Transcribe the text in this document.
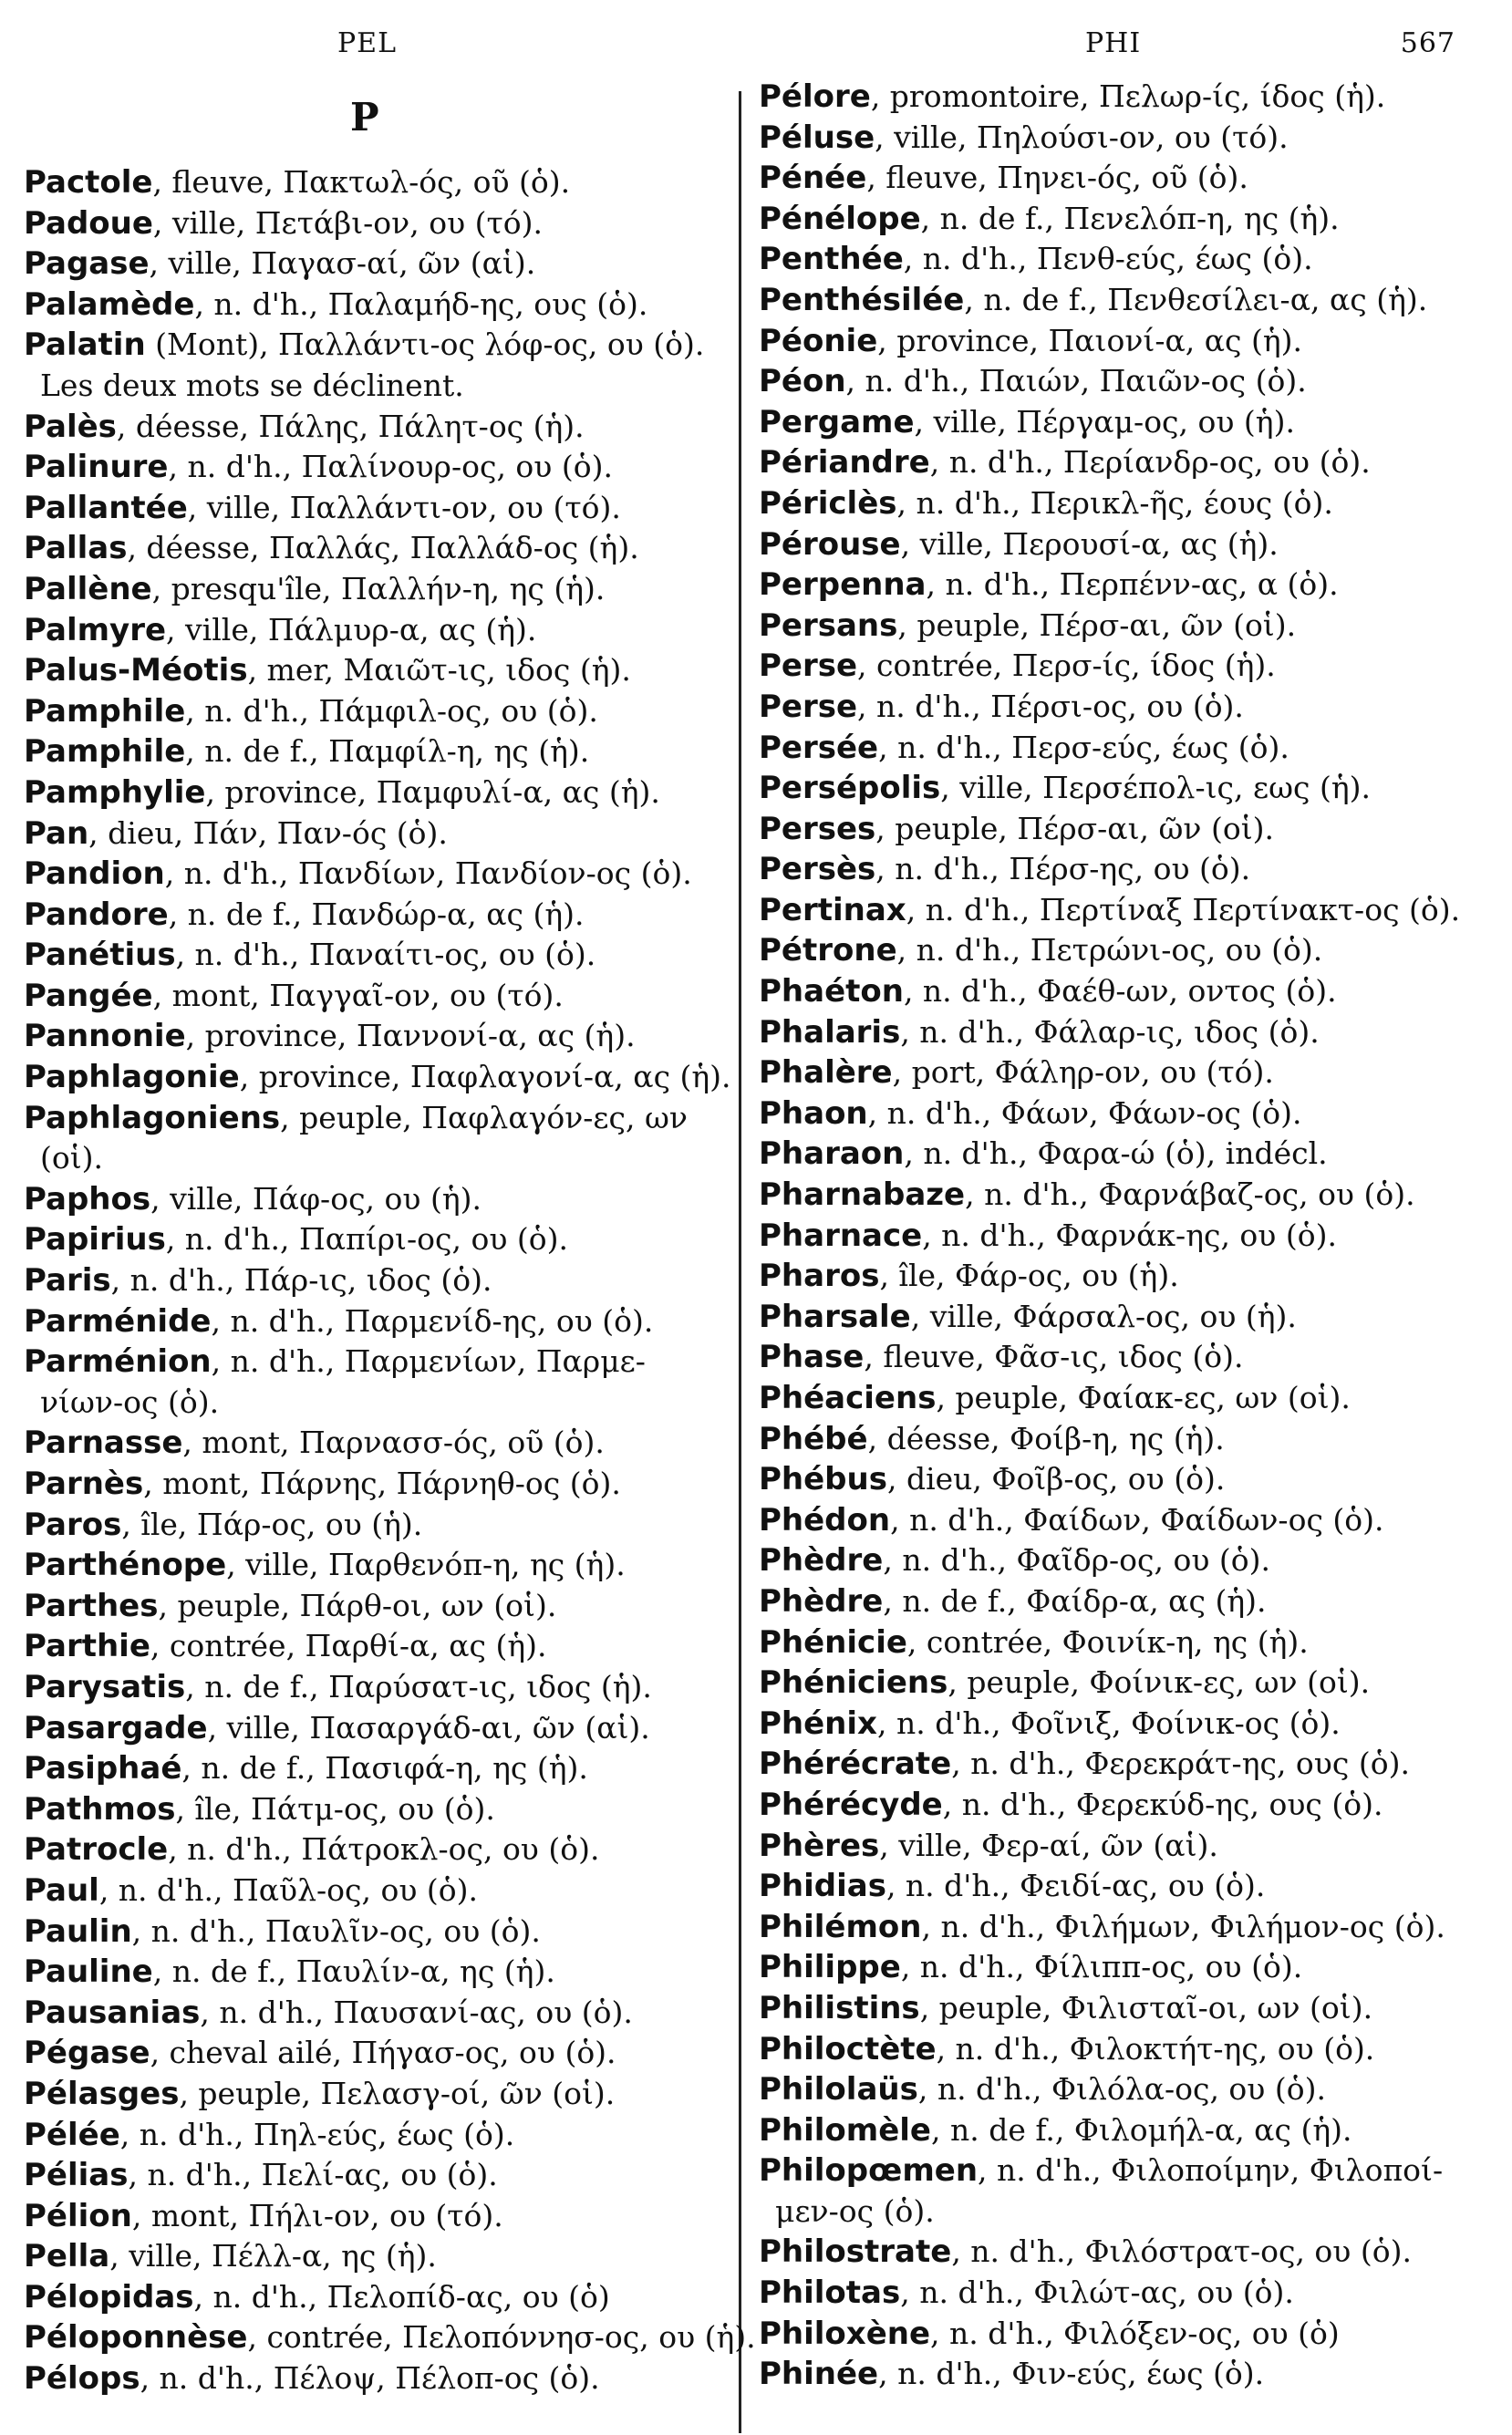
PEL	PHI	567
P
Pactole, fleuve, Πακτωλ-ός, οῦ (ὁ).
Padoue, ville, Πετάβι-ον, ου (τό).
Pagase, ville, Παγασ-αί, ῶν (αἱ).
Palamède, n. d'h., Παλαμήδ-ης, ους (ὁ).
Palatin (Mont), Παλλάντι-ος λόφ-ος, ου (ὁ).
Les deux mots se déclinent.
Palès, déesse, Πάλης, Πάλητ-ος (ἡ).
Palinure, n. d'h., Παλίνουρ-ος, ου (ὁ).
Pallantée, ville, Παλλάντι-ον, ου (τό).
Pallas, déesse, Παλλάς, Παλλάδ-ος (ἡ).
Pallène, presqu'île, Παλλήν-η, ης (ἡ).
Palmyre, ville, Πάλμυρ-α, ας (ἡ).
Palus-Méotis, mer, Μαιῶτ-ις, ιδος (ἡ).
Pamphile, n. d'h., Πάμφιλ-ος, ου (ὁ).
Pamphile, n. de f., Παμφίλ-η, ης (ἡ).
Pamphylie, province, Παμφυλί-α, ας (ἡ).
Pan, dieu, Πάν, Παν-ός (ὁ).
Pandion, n. d'h., Πανδίων, Πανδίον-ος (ὁ).
Pandore, n. de f., Πανδώρ-α, ας (ἡ).
Panétius, n. d'h., Παναίτι-ος, ου (ὁ).
Pangée, mont, Παγγαῖ-ον, ου (τό).
Pannonie, province, Παννονί-α, ας (ἡ).
Paphlagonie, province, Παφλαγονί-α, ας (ἡ).
Paphlagoniens, peuple, Παφλαγόν-ες, ων
(οἱ).
Paphos, ville, Πάφ-ος, ου (ἡ).
Papirius, n. d'h., Παπίρι-ος, ου (ὁ).
Paris, n. d'h., Πάρ-ις, ιδος (ὁ).
Parménide, n. d'h., Παρμενίδ-ης, ου (ὁ).
Parménion, n. d'h., Παρμενίων, Παρμε-
νίων-ος (ὁ).
Parnasse, mont, Παρνασσ-ός, οῦ (ὁ).
Parnès, mont, Πάρνης, Πάρνηθ-ος (ὁ).
Paros, île, Πάρ-ος, ου (ἡ).
Parthénope, ville, Παρθενόπ-η, ης (ἡ).
Parthes, peuple, Πάρθ-οι, ων (οἱ).
Parthie, contrée, Παρθί-α, ας (ἡ).
Parysatis, n. de f., Παρύσατ-ις, ιδος (ἡ).
Pasargade, ville, Πασαργάδ-αι, ῶν (αἱ).
Pasiphaé, n. de f., Πασιφά-η, ης (ἡ).
Pathmos, île, Πάτμ-ος, ου (ὁ).
Patrocle, n. d'h., Πάτροκλ-ος, ου (ὁ).
Paul, n. d'h., Παῦλ-ος, ου (ὁ).
Paulin, n. d'h., Παυλῖν-ος, ου (ὁ).
Pauline, n. de f., Παυλίν-α, ης (ἡ).
Pausanias, n. d'h., Παυσανί-ας, ου (ὁ).
Pégase, cheval ailé, Πήγασ-ος, ου (ὁ).
Pélasges, peuple, Πελασγ-οί, ῶν (οἱ).
Pélée, n. d'h., Πηλ-εύς, έως (ὁ).
Pélias, n. d'h., Πελί-ας, ου (ὁ).
Pélion, mont, Πήλι-ον, ου (τό).
Pella, ville, Πέλλ-α, ης (ἡ).
Pélopidas, n. d'h., Πελοπίδ-ας, ου (ὁ)
Péloponnèse, contrée, Πελοπόννησ-ος, ου (ἡ).
Pélops, n. d'h., Πέλοψ, Πέλοπ-ος (ὁ).
Pélore, promontoire, Πελωρ-ίς, ίδος (ἡ).
Péluse, ville, Πηλούσι-ον, ου (τό).
Pénée, fleuve, Πηνει-ός, οῦ (ὁ).
Pénélope, n. de f., Πενελόπ-η, ης (ἡ).
Penthée, n. d'h., Πενθ-εύς, έως (ὁ).
Penthésilée, n. de f., Πενθεσίλει-α, ας (ἡ).
Péonie, province, Παιονί-α, ας (ἡ).
Péon, n. d'h., Παιών, Παιῶν-ος (ὁ).
Pergame, ville, Πέργαμ-ος, ου (ἡ).
Périandre, n. d'h., Περίανδρ-ος, ου (ὁ).
Périclès, n. d'h., Περικλ-ῆς, έους (ὁ).
Pérouse, ville, Περουσί-α, ας (ἡ).
Perpenna, n. d'h., Περπένν-ας, α (ὁ).
Persans, peuple, Πέρσ-αι, ῶν (οἱ).
Perse, contrée, Περσ-ίς, ίδος (ἡ).
Perse, n. d'h., Πέρσι-ος, ου (ὁ).
Persée, n. d'h., Περσ-εύς, έως (ὁ).
Persépolis, ville, Περσέπολ-ις, εως (ἡ).
Perses, peuple, Πέρσ-αι, ῶν (οἱ).
Persès, n. d'h., Πέρσ-ης, ου (ὁ).
Pertinax, n. d'h., Περτίναξ Περτίνακτ-ος (ὁ).
Pétrone, n. d'h., Πετρώνι-ος, ου (ὁ).
Phaéton, n. d'h., Φαέθ-ων, οντος (ὁ).
Phalaris, n. d'h., Φάλαρ-ις, ιδος (ὁ).
Phalère, port, Φάληρ-ον, ου (τό).
Phaon, n. d'h., Φάων, Φάων-ος (ὁ).
Pharaon, n. d'h., Φαρα-ώ (ὁ), indécl.
Pharnabaze, n. d'h., Φαρνάβαζ-ος, ου (ὁ).
Pharnace, n. d'h., Φαρνάκ-ης, ου (ὁ).
Pharos, île, Φάρ-ος, ου (ἡ).
Pharsale, ville, Φάρσαλ-ος, ου (ἡ).
Phase, fleuve, Φᾶσ-ις, ιδος (ὁ).
Phéaciens, peuple, Φαίακ-ες, ων (οἱ).
Phébé, déesse, Φοίβ-η, ης (ἡ).
Phébus, dieu, Φοῖβ-ος, ου (ὁ).
Phédon, n. d'h., Φαίδων, Φαίδων-ος (ὁ).
Phèdre, n. d'h., Φαῖδρ-ος, ου (ὁ).
Phèdre, n. de f., Φαίδρ-α, ας (ἡ).
Phénicie, contrée, Φοινίκ-η, ης (ἡ).
Phéniciens, peuple, Φοίνικ-ες, ων (οἱ).
Phénix, n. d'h., Φοῖνιξ, Φοίνικ-ος (ὁ).
Phérécrate, n. d'h., Φερεκράτ-ης, ους (ὁ).
Phérécyde, n. d'h., Φερεκύδ-ης, ους (ὁ).
Phères, ville, Φερ-αί, ῶν (αἱ).
Phidias, n. d'h., Φειδί-ας, ου (ὁ).
Philémon, n. d'h., Φιλήμων, Φιλήμον-ος (ὁ).
Philippe, n. d'h., Φίλιππ-ος, ου (ὁ).
Philistins, peuple, Φιλισταῖ-οι, ων (οἱ).
Philoctète, n. d'h., Φιλοκτήτ-ης, ου (ὁ).
Philolaüs, n. d'h., Φιλόλα-ος, ου (ὁ).
Philomèle, n. de f., Φιλομήλ-α, ας (ἡ).
Philopœmen, n. d'h., Φιλοποίμην, Φιλοποί-
μεν-ος (ὁ).
Philostrate, n. d'h., Φιλόστρατ-ος, ου (ὁ).
Philotas, n. d'h., Φιλώτ-ας, ου (ὁ).
Philoxène, n. d'h., Φιλόξεν-ος, ου (ὁ)
Phinée, n. d'h., Φιν-εύς, έως (ὁ).
